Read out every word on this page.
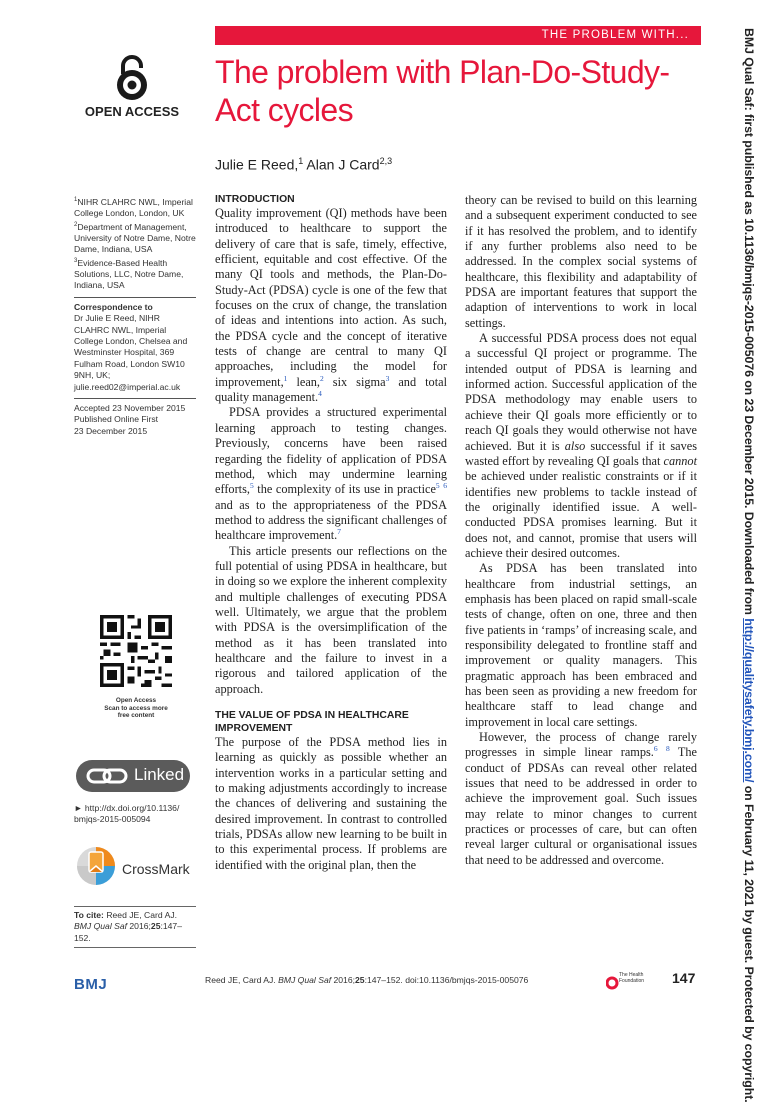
THE PROBLEM WITH...
The problem with Plan-Do-Study-Act cycles
Julie E Reed,$^1$ Alan J Card$^{2,3}$
OPEN ACCESS
$^1$NIHR CLAHRC NWL, Imperial College London, London, UK
$^2$Department of Management, University of Notre Dame, Notre Dame, Indiana, USA
$^3$Evidence-Based Health Solutions, LLC, Notre Dame, Indiana, USA
Correspondence to
Dr Julie E Reed, NIHR CLAHRC NWL, Imperial College London, Chelsea and Westminster Hospital, 369 Fulham Road, London SW10 9NH, UK; julie.reed02@imperial.ac.uk
Accepted 23 November 2015
Published Online First
23 December 2015
Open Access
Scan to access more
free content
Linked
► http://dx.doi.org/10.1136/ bmjqs-2015-005094
CrossMark
To cite: Reed JE, Card AJ. BMJ Qual Saf 2016;25:147–152.
INTRODUCTION

Quality improvement (QI) methods have been introduced to healthcare to support the delivery of care that is safe, timely, effective, efficient, equitable and cost effective. Of the many QI tools and methods, the Plan-Do-Study-Act (PDSA) cycle is one of the few that focuses on the crux of change, the translation of ideas and intentions into action. As such, the PDSA cycle and the concept of iterative tests of change are central to many QI approaches, including the model for improvement,$^1$ lean,$^2$ six sigma$^3$ and total quality management.$^4$

PDSA provides a structured experimental learning approach to testing changes. Previously, concerns have been raised regarding the fidelity of application of PDSA method, which may undermine learning efforts,$^5$ the complexity of its use in practice$^5$ $^6$ and as to the appropriateness of the PDSA method to address the significant challenges of healthcare improvement.$^7$

This article presents our reflections on the full potential of using PDSA in healthcare, but in doing so we explore the inherent complexity and multiple challenges of executing PDSA well. Ultimately, we argue that the problem with PDSA is the oversimplification of the method as it has been translated into healthcare and the failure to invest in a rigorous and tailored application of the approach.

THE VALUE OF PDSA IN HEALTHCARE IMPROVEMENT

The purpose of the PDSA method lies in learning as quickly as possible whether an intervention works in a particular setting and to making adjustments accordingly to increase the chances of delivering and sustaining the desired improvement. In contrast to controlled trials, PDSAs allow new learning to be built in to this experimental process. If problems are identified with the original plan, then the

theory can be revised to build on this learning and a subsequent experiment conducted to see if it has resolved the problem, and to identify if any further problems also need to be addressed. In the complex social systems of healthcare, this flexibility and adaptability of PDSA are important features that support the adaption of interventions to work in local settings.

A successful PDSA process does not equal a successful QI project or programme. The intended output of PDSA is learning and informed action. Successful application of the PDSA methodology may enable users to achieve their QI goals more efficiently or to reach QI goals they would otherwise not have achieved. But it is also successful if it saves wasted effort by revealing QI goals that cannot be achieved under realistic constraints or if it identifies new problems to tackle instead of the originally identified issue. A well-conducted PDSA promises learning. But it does not, and cannot, promise that users will achieve their desired outcomes.

As PDSA has been translated into healthcare from industrial settings, an emphasis has been placed on rapid small-scale tests of change, often on one, three and then five patients in ‘ramps’ of increasing scale, and responsibility delegated to frontline staff and improvement or quality managers. This pragmatic approach has been embraced and has been seen as providing a new freedom for healthcare staff to lead change and improvement in local care settings.

However, the process of change rarely progresses in simple linear ramps.$^6$ $^8$ The conduct of PDSAs can reveal other related issues that need to be addressed in order to achieve the improvement goal. Such issues may relate to minor changes to current practices or processes of care, but can often reveal larger cultural or organisational issues that need to be addressed and overcome.

BMJ	Reed JE, Card AJ. BMJ Qual Saf 2016;25:147–152. doi:10.1136/bmjqs-2015-005076	The Health Foundation	147
BMJ Qual Saf: first published as 10.1136/bmjqs-2015-005076 on 23 December 2015. Downloaded from http://qualitysafety.bmj.com/ on February 11, 2021 by guest. Protected by copyright.
